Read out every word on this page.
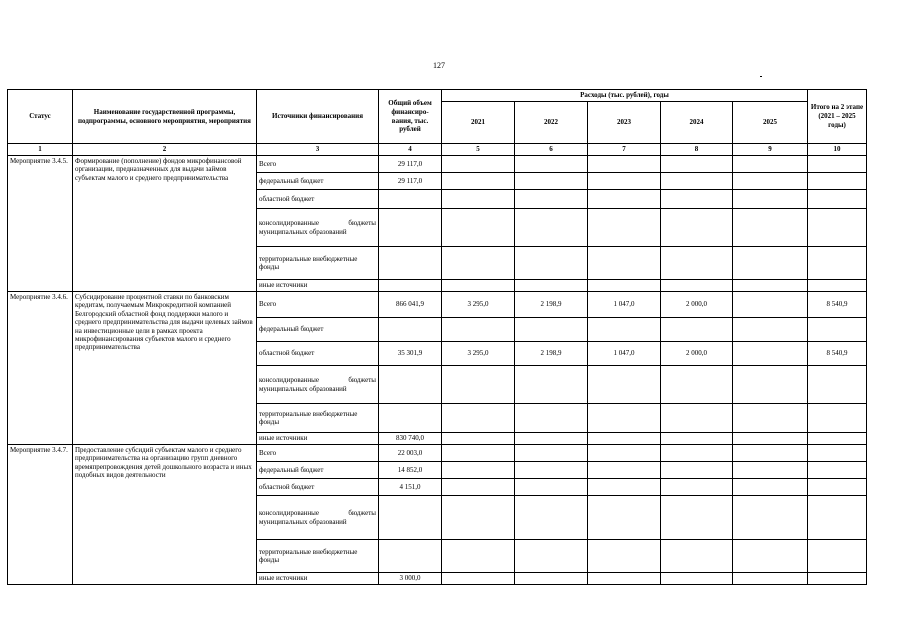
127
Статус	Наименование государственной программы, подпрограммы, основного мероприятия, мероприятия	Источники финансирования	Общий объем финансиро-вания, тыс. рублей	Расходы (тыс. рублей), годы					Итого на 2 этапе (2021 – 2025 годы)
				2021	2022	2023	2024	2025	
1	2	3	4	5	6	7	8	9	10
Мероприятие 3.4.5.	Формирование (пополнение) фондов микрофинансовой организации, предназначенных для выдачи займов субъектам малого и среднего предпринимательства	Всего	29 117,0						
		федеральный бюджет	29 117,0						
		областной бюджет							
		консолидированные бюджеты муниципальных образований							
		территориальные внебюджетные фонды							
		иные источники							
Мероприятие 3.4.6.	Субсидирование процентной ставки по банковским кредитам, получаемым Микрокредитной компанией Белгородский областной фонд поддержки малого и среднего предпринимательства для выдачи целевых займов на инвестиционные цели в рамках проекта микрофинансирования субъектов малого и среднего предпринимательства	Всего	866 041,9	3 295,0	2 198,9	1 047,0	2 000,0		8 540,9
		федеральный бюджет							
		областной бюджет	35 301,9	3 295,0	2 198,9	1 047,0	2 000,0		8 540,9
		консолидированные бюджеты муниципальных образований							
		территориальные внебюджетные фонды							
		иные источники	830 740,0						
Мероприятие 3.4.7.	Предоставление субсидий субъектам малого и среднего предпринимательства на организацию групп дневного времяпрепровождения детей дошкольного возраста и иных подобных видов деятельности	Всего	22 003,0						
		федеральный бюджет	14 852,0						
		областной бюджет	4 151,0						
		консолидированные бюджеты муниципальных образований							
		территориальные внебюджетные фонды							
		иные источники	3 000,0						
